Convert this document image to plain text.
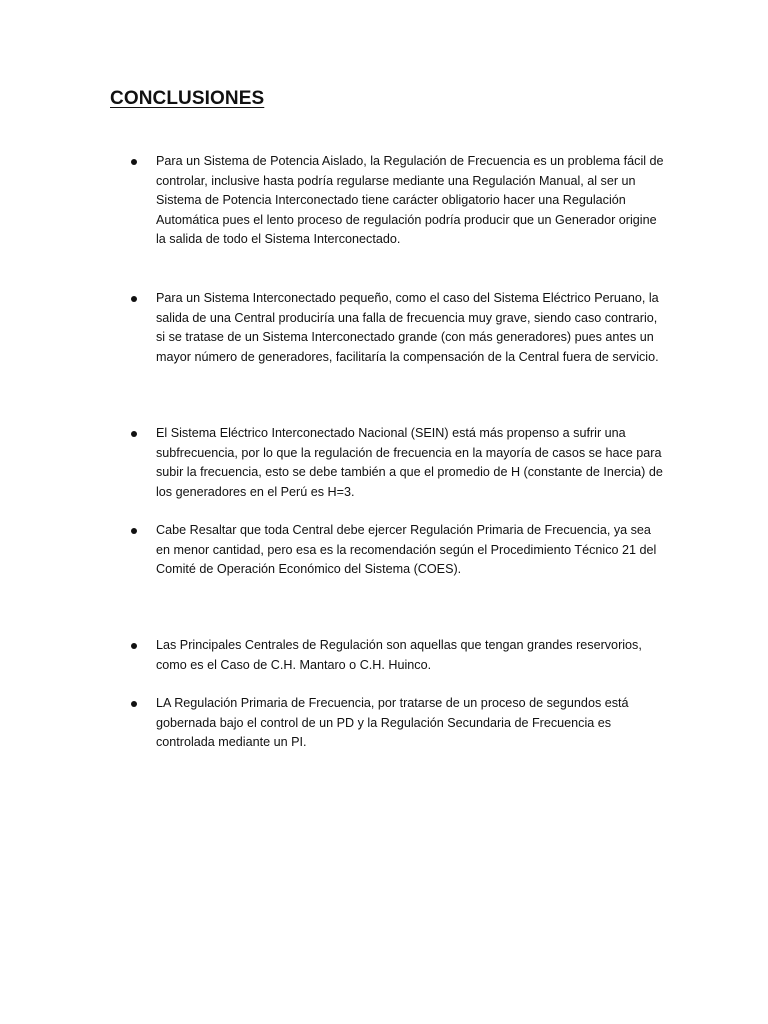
CONCLUSIONES

Para un Sistema de Potencia Aislado, la Regulación de Frecuencia es un problema fácil de controlar, inclusive hasta podría regularse mediante una Regulación Manual, al ser un Sistema de Potencia Interconectado tiene carácter obligatorio hacer una Regulación Automática pues el lento proceso de regulación podría producir que un Generador origine la salida de todo el Sistema Interconectado.

Para un Sistema Interconectado pequeño, como el caso del Sistema Eléctrico Peruano, la salida de una Central produciría una falla de frecuencia muy grave, siendo caso contrario, si se tratase de un Sistema Interconectado grande (con más generadores) pues antes un mayor número de generadores, facilitaría la compensación de la Central fuera de servicio.

El Sistema Eléctrico Interconectado Nacional (SEIN) está más propenso a sufrir una subfrecuencia, por lo que la regulación de frecuencia en la mayoría de casos se hace para subir la frecuencia, esto se debe también a que el promedio de H (constante de Inercia) de los generadores en el Perú es H=3.

Cabe Resaltar que toda Central debe ejercer Regulación Primaria de Frecuencia, ya sea en menor cantidad, pero esa es la recomendación según el Procedimiento Técnico 21 del Comité de Operación Económico del Sistema (COES).

Las Principales Centrales de Regulación son aquellas que tengan grandes reservorios, como es el Caso de C.H. Mantaro o C.H. Huinco.

LA Regulación Primaria de Frecuencia, por tratarse de un proceso de segundos está gobernada bajo el control de un PD y la Regulación Secundaria de Frecuencia es controlada mediante un PI.
